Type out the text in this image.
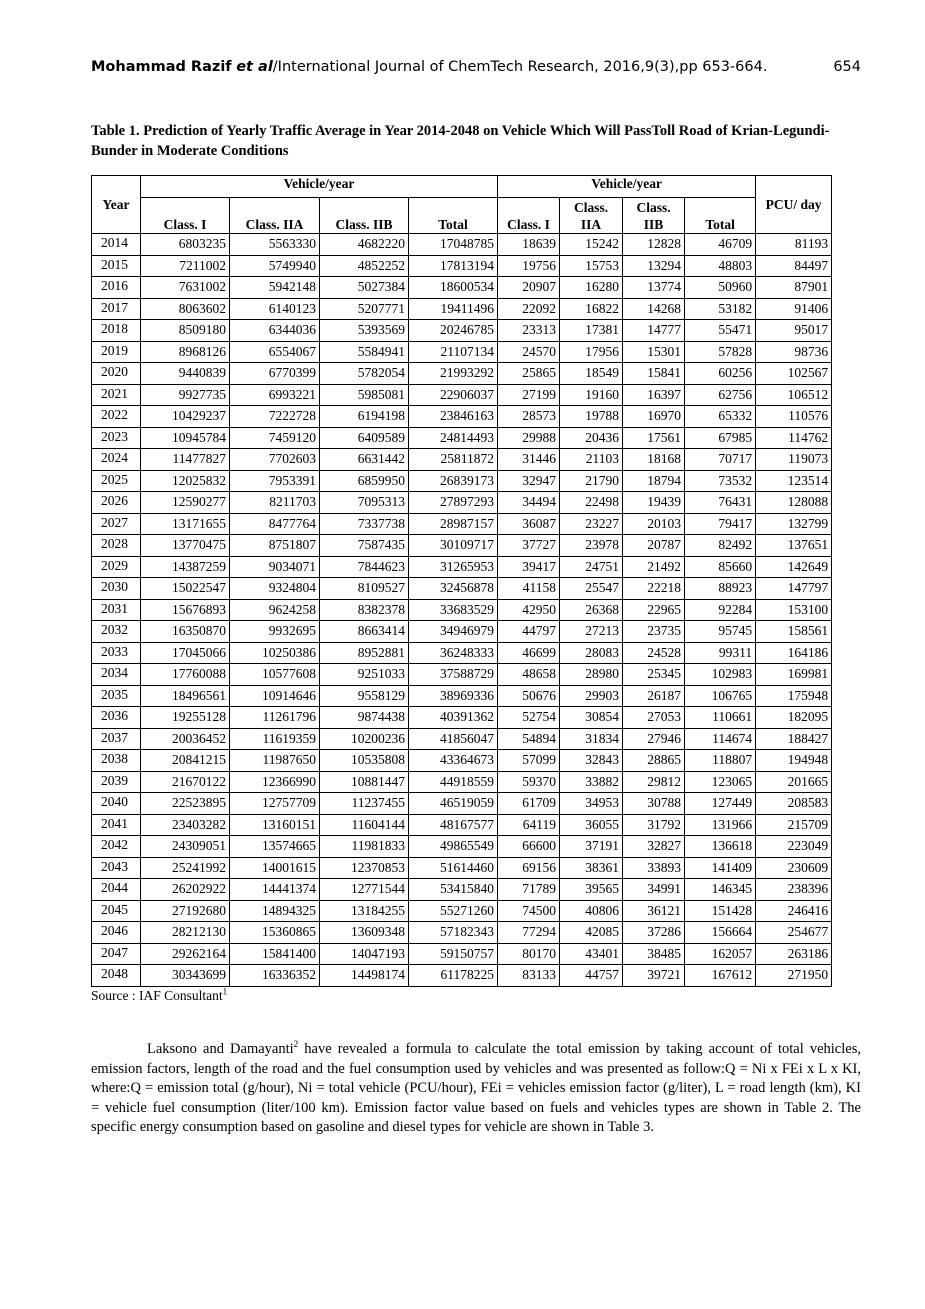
Mohammad Razif et al/International Journal of ChemTech Research, 2016,9(3),pp 653-664.	654
Table 1. Prediction of Yearly Traffic Average in Year 2014-2048 on Vehicle Which Will PassToll Road of Krian-Legundi-Bunder in Moderate Conditions
Year	Vehicle/year				Vehicle/year				PCU/ day
	Class. I	Class. IIA	Class. IIB	Total	Class. I	Class. IIA	Class. IIB	Total	
2014	6803235	5563330	4682220	17048785	18639	15242	12828	46709	81193
2015	7211002	5749940	4852252	17813194	19756	15753	13294	48803	84497
2016	7631002	5942148	5027384	18600534	20907	16280	13774	50960	87901
2017	8063602	6140123	5207771	19411496	22092	16822	14268	53182	91406
2018	8509180	6344036	5393569	20246785	23313	17381	14777	55471	95017
2019	8968126	6554067	5584941	21107134	24570	17956	15301	57828	98736
2020	9440839	6770399	5782054	21993292	25865	18549	15841	60256	102567
2021	9927735	6993221	5985081	22906037	27199	19160	16397	62756	106512
2022	10429237	7222728	6194198	23846163	28573	19788	16970	65332	110576
2023	10945784	7459120	6409589	24814493	29988	20436	17561	67985	114762
2024	11477827	7702603	6631442	25811872	31446	21103	18168	70717	119073
2025	12025832	7953391	6859950	26839173	32947	21790	18794	73532	123514
2026	12590277	8211703	7095313	27897293	34494	22498	19439	76431	128088
2027	13171655	8477764	7337738	28987157	36087	23227	20103	79417	132799
2028	13770475	8751807	7587435	30109717	37727	23978	20787	82492	137651
2029	14387259	9034071	7844623	31265953	39417	24751	21492	85660	142649
2030	15022547	9324804	8109527	32456878	41158	25547	22218	88923	147797
2031	15676893	9624258	8382378	33683529	42950	26368	22965	92284	153100
2032	16350870	9932695	8663414	34946979	44797	27213	23735	95745	158561
2033	17045066	10250386	8952881	36248333	46699	28083	24528	99311	164186
2034	17760088	10577608	9251033	37588729	48658	28980	25345	102983	169981
2035	18496561	10914646	9558129	38969336	50676	29903	26187	106765	175948
2036	19255128	11261796	9874438	40391362	52754	30854	27053	110661	182095
2037	20036452	11619359	10200236	41856047	54894	31834	27946	114674	188427
2038	20841215	11987650	10535808	43364673	57099	32843	28865	118807	194948
2039	21670122	12366990	10881447	44918559	59370	33882	29812	123065	201665
2040	22523895	12757709	11237455	46519059	61709	34953	30788	127449	208583
2041	23403282	13160151	11604144	48167577	64119	36055	31792	131966	215709
2042	24309051	13574665	11981833	49865549	66600	37191	32827	136618	223049
2043	25241992	14001615	12370853	51614460	69156	38361	33893	141409	230609
2044	26202922	14441374	12771544	53415840	71789	39565	34991	146345	238396
2045	27192680	14894325	13184255	55271260	74500	40806	36121	151428	246416
2046	28212130	15360865	13609348	57182343	77294	42085	37286	156664	254677
2047	29262164	15841400	14047193	59150757	80170	43401	38485	162057	263186
2048	30343699	16336352	14498174	61178225	83133	44757	39721	167612	271950
Source : IAF Consultant$^1$
Laksono and Damayanti$^2$ have revealed a formula to calculate the total emission by taking account of total vehicles, emission factors, length of the road and the fuel consumption used by vehicles and was presented as follow:Q = Ni x FEi x L x KI, where:Q = emission total (g/hour), Ni = total vehicle (PCU/hour), FEi = vehicles emission factor (g/liter), L = road length (km), KI = vehicle fuel consumption (liter/100 km). Emission factor value based on fuels and vehicles types are shown in Table 2. The specific energy consumption based on gasoline and diesel types for vehicle are shown in Table 3.
